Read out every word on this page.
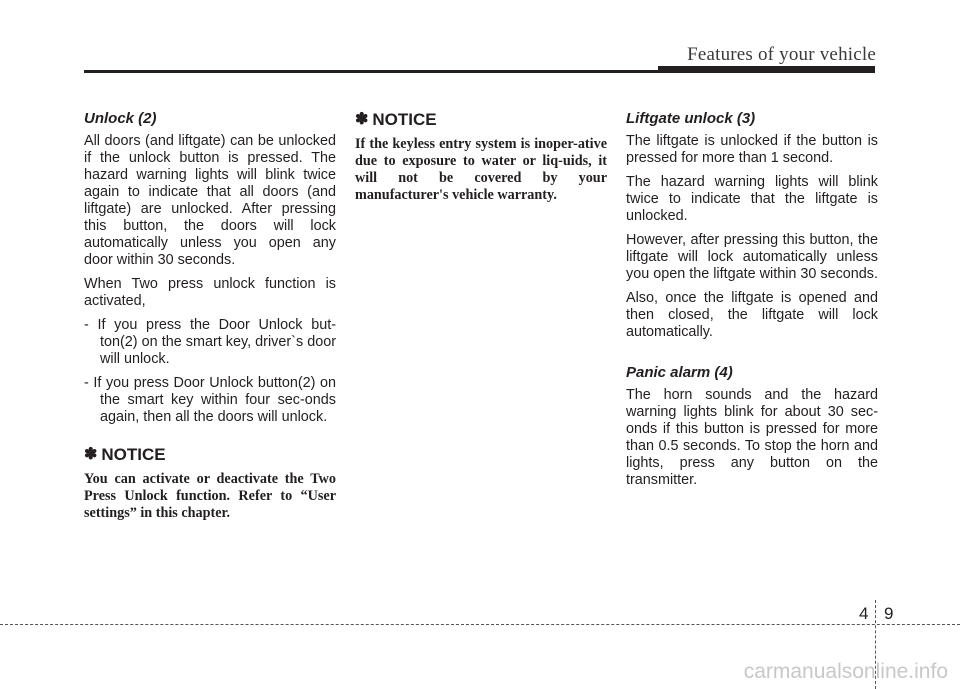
Features of your vehicle
Unlock (2)

All doors (and liftgate) can be unlocked if the unlock button is pressed. The hazard warning lights will blink twice again to indicate that all doors (and liftgate) are unlocked. After pressing this button, the doors will lock automatically unless you open any door within 30 seconds.

When Two press unlock function is activated,

- If you press the Door Unlock but-ton(2) on the smart key, driver`s door will unlock.

- If you press Door Unlock button(2) on the smart key within four sec-onds again, then all the doors will unlock.

✽ NOTICE

You can activate or deactivate the Two Press Unlock function. Refer to “User settings” in this chapter.

✽ NOTICE

If the keyless entry system is inoper-ative due to exposure to water or liq-uids, it will not be covered by your manufacturer's vehicle warranty.

Liftgate unlock (3)

The liftgate is unlocked if the button is pressed for more than 1 second.

The hazard warning lights will blink twice to indicate that the liftgate is unlocked.

However, after pressing this button, the liftgate will lock automatically unless you open the liftgate within 30 seconds.

Also, once the liftgate is opened and then closed, the liftgate will lock automatically.

Panic alarm (4)

The horn sounds and the hazard warning lights blink for about 30 sec-onds if this button is pressed for more than 0.5 seconds. To stop the horn and lights, press any button on the transmitter.

4 9
carmanualsonline.info
